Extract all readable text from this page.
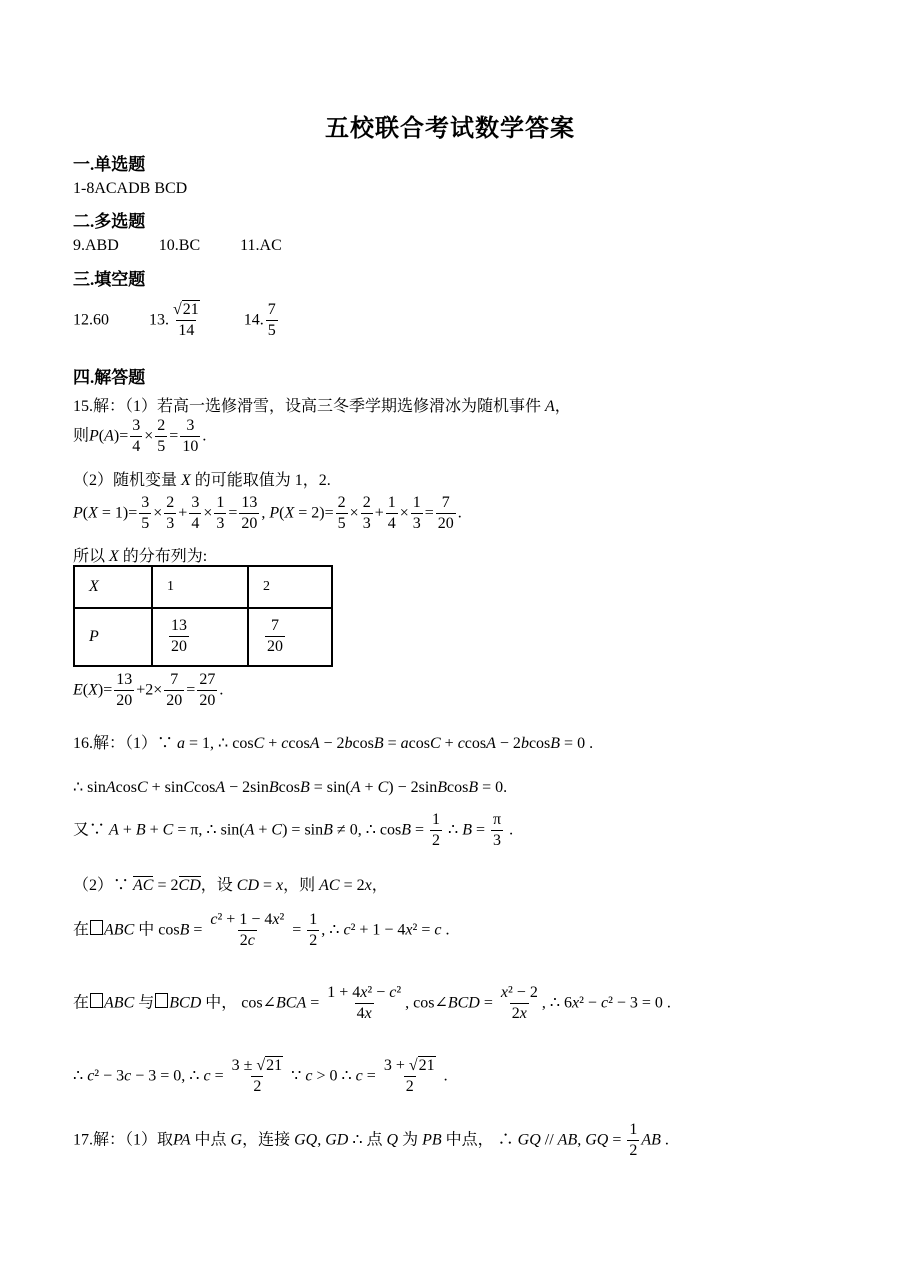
五校联合考试数学答案
一.单选题
1-8ACADB BCD
二.多选题
9.ABD	10.BC	11.AC
三.填空题
12.60	13. $\frac{√21}{14}$	14. $\frac{7}{5}$
四.解答题
15.解：（1）若高一选修滑雪，设高三冬季学期选修滑冰为随机事件 A，
则$P(A)= \frac{3}{4} \times \frac{2}{5} = \frac{3}{10}$ .
（2）随机变量 X 的可能取值为 1，2.
$P(X = 1)= \frac{3}{5} \times \frac{2}{3} + \frac{3}{4} \times \frac{1}{3} = \frac{13}{20}$ , $P(X = 2)= \frac{2}{5} \times \frac{2}{3} + \frac{1}{4} \times \frac{1}{3} = \frac{7}{20}$ .
所以 X 的分布列为:
X	1	2
P	$\frac{13}{20}$	$\frac{7}{20}$
$E(X)= \frac{13}{20} +2\times \frac{7}{20} = \frac{27}{20}$ .
16.解：（1）∵ a = 1, ∴ cosC + ccosA − 2bcosB = acosC + ccosA − 2bcosB = 0 .
∴ sinAcosC + sinCcosA − 2sinBcosB = sin(A + C) − 2sinBcosB = 0.
又∵ A + B + C = π, ∴ sin(A + C) = sinB ≠ 0, ∴ $\cos B = \frac{1}{2}$ ∴ $B = \frac{\pi}{3}$ .
（2）∵ AC = 2CD，设 CD = x，则 AC = 2x，
在 ABC 中 $\cos B = \frac{\text{c² + 1 − 4x²}}{2c} = \frac{1}{2}$ , ∴ c² + 1 − 4x² = c .
在 ABC 与 BCD 中， cos∠BCA = $\frac{\text{1 + 4x² − c²}}{4x}$ , cos∠BCD = $\frac{\text{x² − 2}}{2x}$ , ∴ 6x² − c² − 3 = 0 .
∴ c² − 3c − 3 = 0, ∴ $c = \frac{3 \pm √21}{2}$ ∵ c > 0 ∴ $c = \frac{3 + √21}{2}$ .
17.解：（1）取PA 中点 G，连接 GQ, GD ∴ 点 Q 为 PB 中点， ∴ GQ // AB, GQ = $\frac{1}{2}$ AB .
